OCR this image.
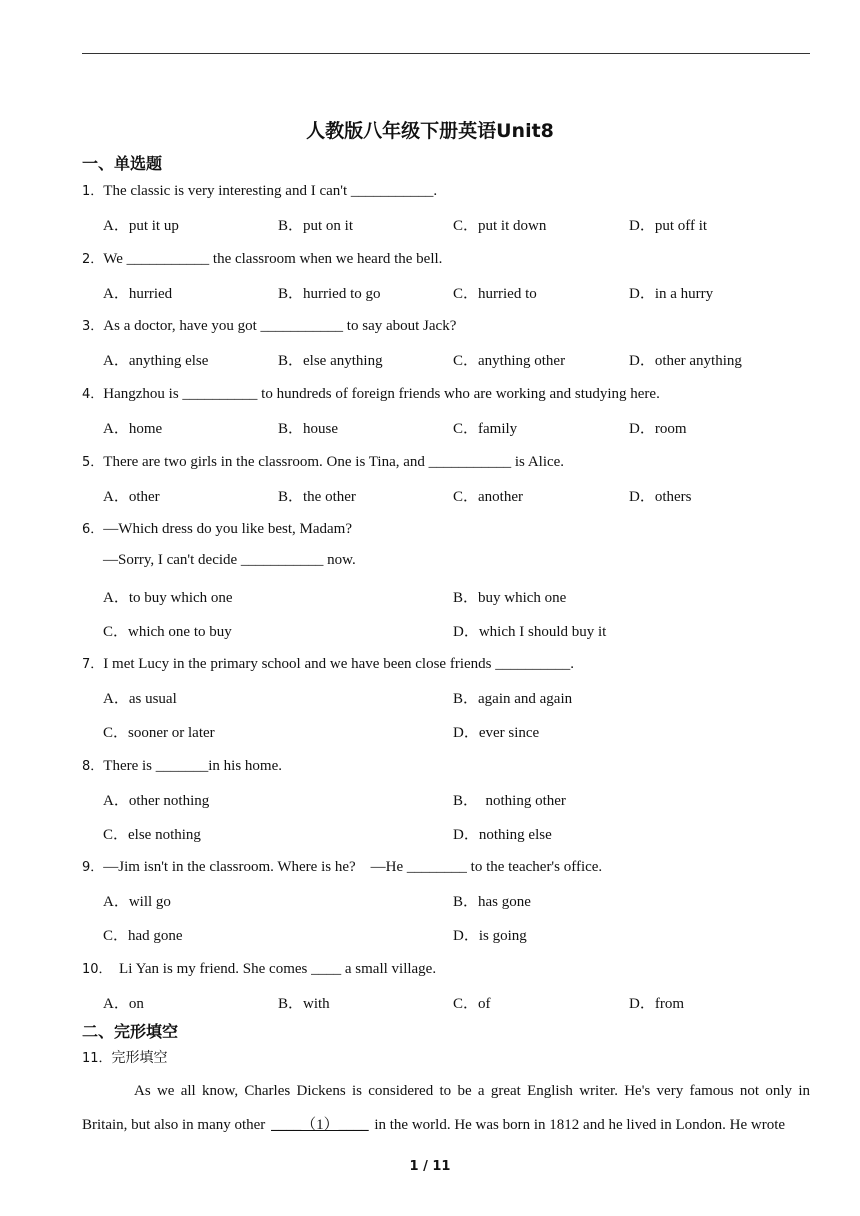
人教版八年级下册英语Unit8
一、单选题
1．The classic is very interesting and I can't ___________.
A．put it up	B．put on it	C．put it down	D．put off it
2．We ___________ the classroom when we heard the bell.
A．hurried	B．hurried to go	C．hurried to	D．in a hurry
3．As a doctor, have you got ___________ to say about Jack?
A．anything else	B．else anything	C．anything other	D．other anything
4．Hangzhou is __________ to hundreds of foreign friends who are working and studying here.
A．home	B．house	C．family	D．room
5．There are two girls in the classroom. One is Tina, and ___________ is Alice.
A．other	B．the other	C．another	D．others
6．—Which dress do you like best, Madam?
—Sorry, I can't decide ___________ now.
A．to buy which one	B．buy which one
C．which one to buy	D．which I should buy it
7．I met Lucy in the primary school and we have been close friends __________.
A．as usual	B．again and again
C．sooner or later	D．ever since
8．There is _______in his home.
A．other nothing	B．  nothing other
C．else nothing	D．nothing else
9．—Jim isn't in the classroom. Where is he?    —He ________ to the teacher's office.
A．will go	B．has gone
C．had gone	D．is going
10．  Li Yan is my friend. She comes ____ a small village.
A．on	B．with	C．of	D．from
二、完形填空
11．完形填空

As we all know, Charles Dickens is considered to be a great English writer. He's very famous not only in Britain, but also in many other ____（1）____ in the world. He was born in 1812 and he lived in London. He wrote

1 / 11
